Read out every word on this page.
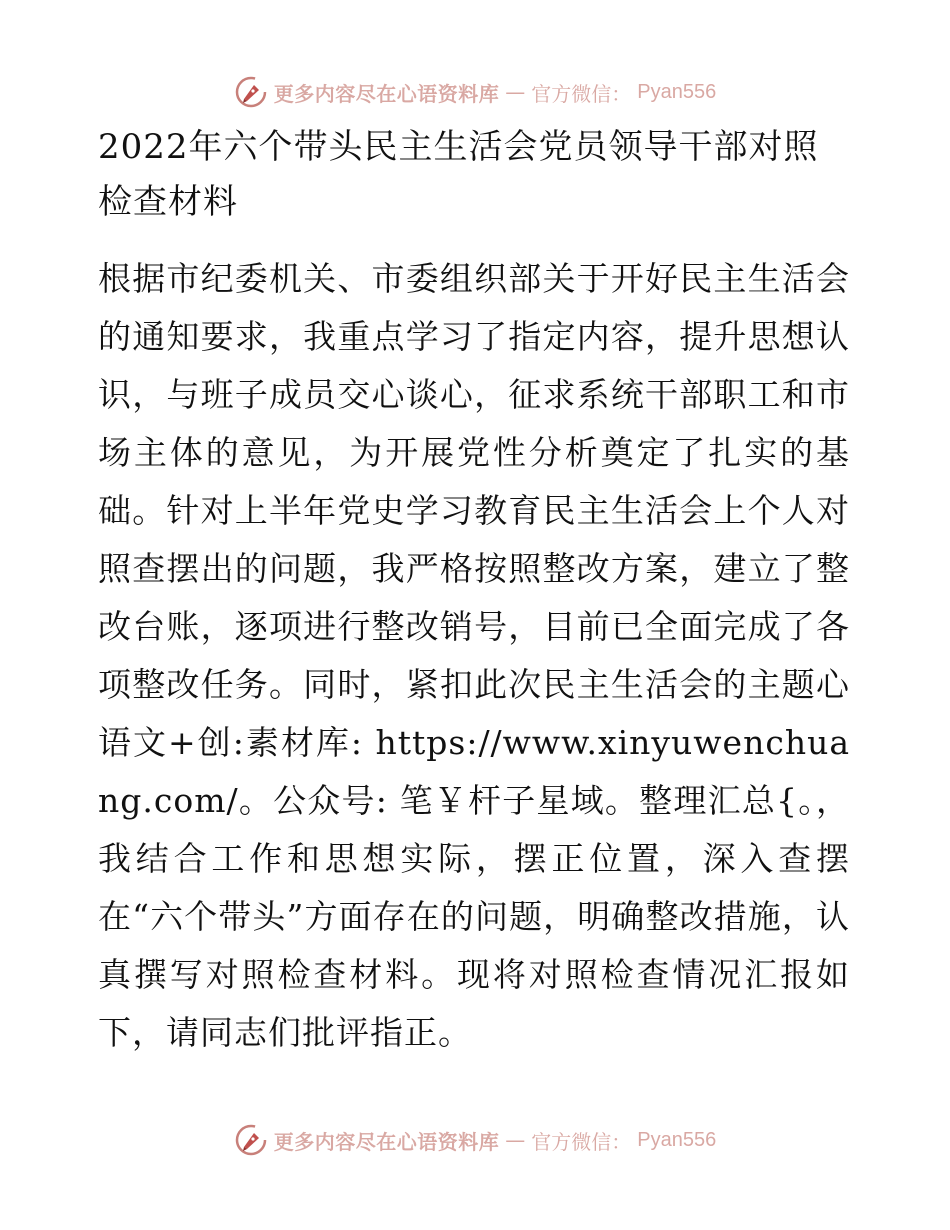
更多内容尽在心语资料库 — 官方微信： Pyan556
2022年六个带头民主生活会党员领导干部对照检查材料

根据市纪委机关、市委组织部关于开好民主生活会的通知要求，我重点学习了指定内容，提升思想认识，与班子成员交心谈心，征求系统干部职工和市场主体的意见，为开展党性分析奠定了扎实的基础。针对上半年党史学习教育民主生活会上个人对照查摆出的问题，我严格按照整改方案，建立了整改台账，逐项进行整改销号，目前已全面完成了各项整改任务。同时，紧扣此次民主生活会的主题心语文+创:素材库: https://www.xinyuwenchuang.com/。公众号: 笔￥杆子星域。整理汇总{。，我结合工作和思想实际，摆正位置，深入查摆在“六个带头”方面存在的问题，明确整改措施，认真撰写对照检查材料。现将对照检查情况汇报如下，请同志们批评指正。

更多内容尽在心语资料库 — 官方微信： Pyan556
